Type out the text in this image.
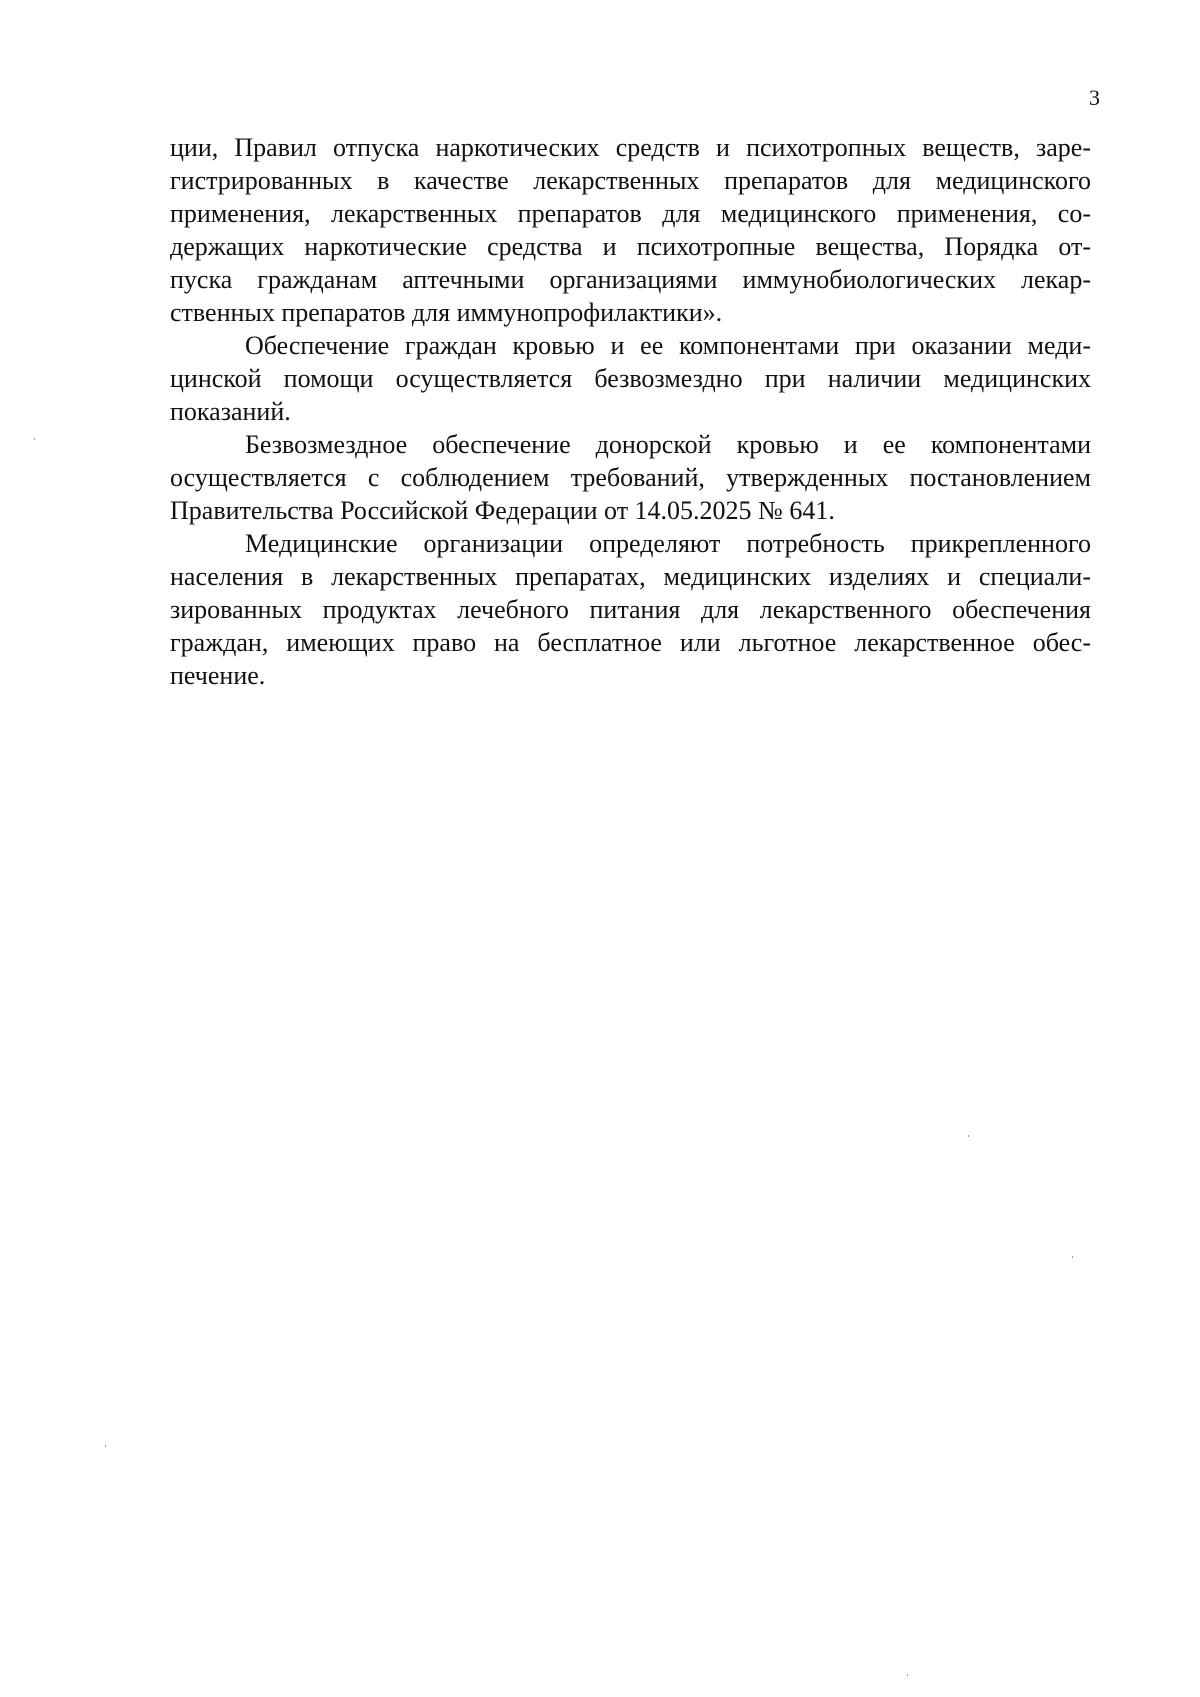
3
ции, Правил отпуска наркотических средств и психотропных веществ, заре-
гистрированных в качестве лекарственных препаратов для медицинского
применения, лекарственных препаратов для медицинского применения, со-
держащих наркотические средства и психотропные вещества, Порядка от-
пуска гражданам аптечными организациями иммунобиологических лекар-
ственных препаратов для иммунопрофилактики».
Обеспечение граждан кровью и ее компонентами при оказании меди-
цинской помощи осуществляется безвозмездно при наличии медицинских
показаний.
Безвозмездное обеспечение донорской кровью и ее компонентами
осуществляется с соблюдением требований, утвержденных постановлением
Правительства Российской Федерации от 14.05.2025 № 641.
Медицинские организации определяют потребность прикрепленного
населения в лекарственных препаратах, медицинских изделиях и специали-
зированных продуктах лечебного питания для лекарственного обеспечения
граждан, имеющих право на бесплатное или льготное лекарственное обес-
печение.
